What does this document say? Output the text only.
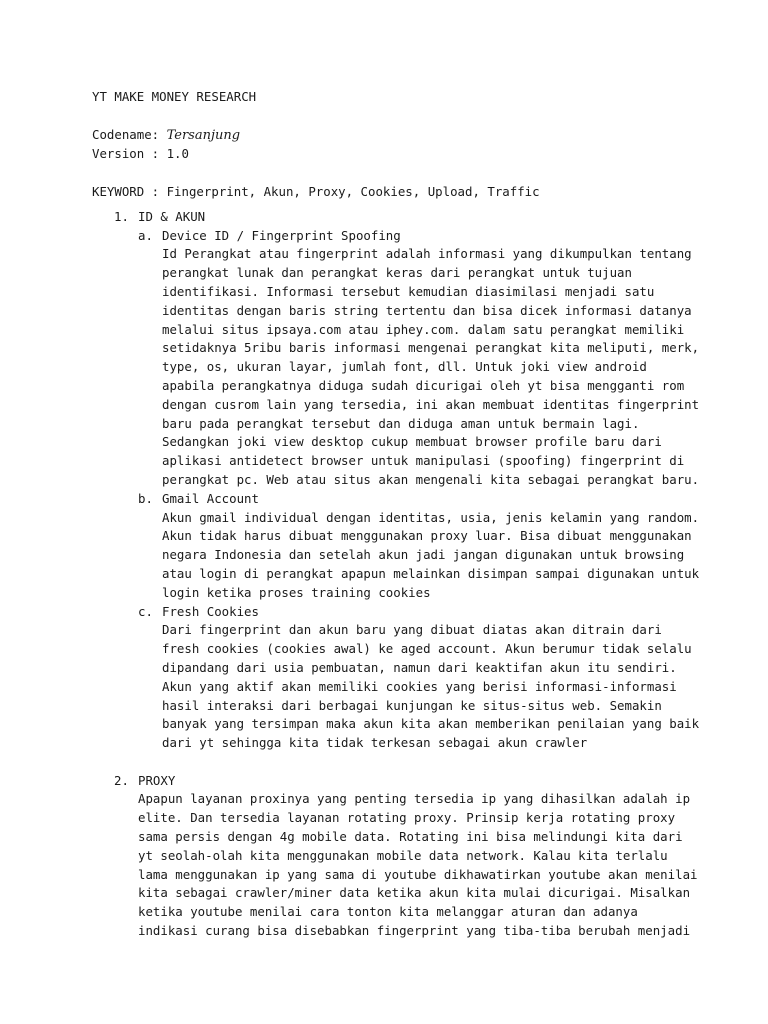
YT MAKE MONEY RESEARCH
Codename: Tersanjung
Version : 1.0
KEYWORD : Fingerprint, Akun, Proxy, Cookies, Upload, Traffic
1. ID & AKUN
a. Device ID / Fingerprint Spoofing
Id Perangkat atau fingerprint adalah informasi yang dikumpulkan tentang
perangkat lunak dan perangkat keras dari perangkat untuk tujuan
identifikasi. Informasi tersebut kemudian diasimilasi menjadi satu
identitas dengan baris string tertentu dan bisa dicek informasi datanya
melalui situs ipsaya.com atau iphey.com. dalam satu perangkat memiliki
setidaknya 5ribu baris informasi mengenai perangkat kita meliputi, merk,
type, os, ukuran layar, jumlah font, dll. Untuk joki view android
apabila perangkatnya diduga sudah dicurigai oleh yt bisa mengganti rom
dengan cusrom lain yang tersedia, ini akan membuat identitas fingerprint
baru pada perangkat tersebut dan diduga aman untuk bermain lagi.
Sedangkan joki view desktop cukup membuat browser profile baru dari
aplikasi antidetect browser untuk manipulasi (spoofing) fingerprint di
perangkat pc. Web atau situs akan mengenali kita sebagai perangkat baru.
b. Gmail Account
Akun gmail individual dengan identitas, usia, jenis kelamin yang random.
Akun tidak harus dibuat menggunakan proxy luar. Bisa dibuat menggunakan
negara Indonesia dan setelah akun jadi jangan digunakan untuk browsing
atau login di perangkat apapun melainkan disimpan sampai digunakan untuk
login ketika proses training cookies
c. Fresh Cookies
Dari fingerprint dan akun baru yang dibuat diatas akan ditrain dari
fresh cookies (cookies awal) ke aged account. Akun berumur tidak selalu
dipandang dari usia pembuatan, namun dari keaktifan akun itu sendiri.
Akun yang aktif akan memiliki cookies yang berisi informasi-informasi
hasil interaksi dari berbagai kunjungan ke situs-situs web. Semakin
banyak yang tersimpan maka akun kita akan memberikan penilaian yang baik
dari yt sehingga kita tidak terkesan sebagai akun crawler
2. PROXY
Apapun layanan proxinya yang penting tersedia ip yang dihasilkan adalah ip
elite. Dan tersedia layanan rotating proxy. Prinsip kerja rotating proxy
sama persis dengan 4g mobile data. Rotating ini bisa melindungi kita dari
yt seolah-olah kita menggunakan mobile data network. Kalau kita terlalu
lama menggunakan ip yang sama di youtube dikhawatirkan youtube akan menilai
kita sebagai crawler/miner data ketika akun kita mulai dicurigai. Misalkan
ketika youtube menilai cara tonton kita melanggar aturan dan adanya
indikasi curang bisa disebabkan fingerprint yang tiba-tiba berubah menjadi
